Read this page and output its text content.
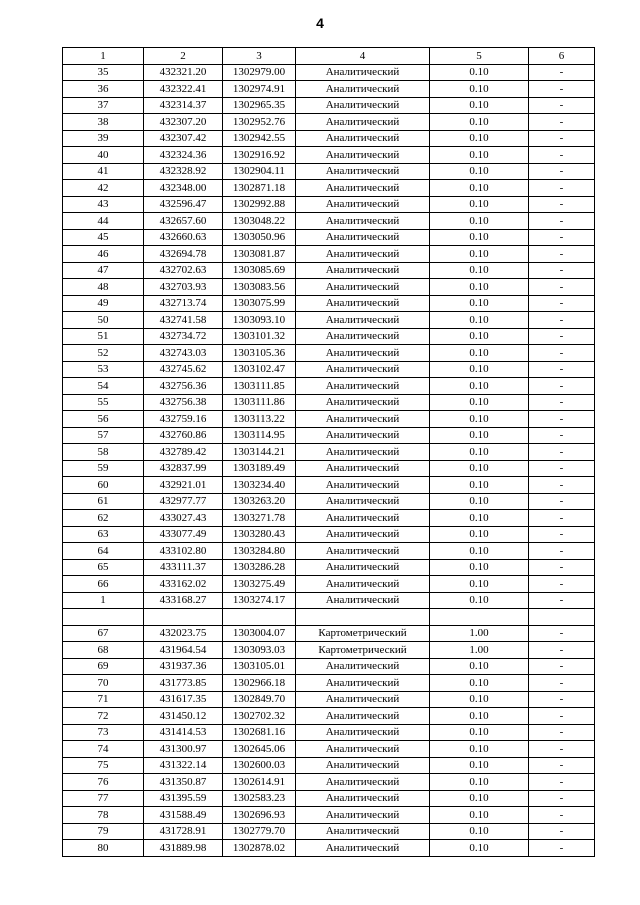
4
1	2	3	4	5	6
35	432321.20	1302979.00	Аналитический	0.10	-
36	432322.41	1302974.91	Аналитический	0.10	-
37	432314.37	1302965.35	Аналитический	0.10	-
38	432307.20	1302952.76	Аналитический	0.10	-
39	432307.42	1302942.55	Аналитический	0.10	-
40	432324.36	1302916.92	Аналитический	0.10	-
41	432328.92	1302904.11	Аналитический	0.10	-
42	432348.00	1302871.18	Аналитический	0.10	-
43	432596.47	1302992.88	Аналитический	0.10	-
44	432657.60	1303048.22	Аналитический	0.10	-
45	432660.63	1303050.96	Аналитический	0.10	-
46	432694.78	1303081.87	Аналитический	0.10	-
47	432702.63	1303085.69	Аналитический	0.10	-
48	432703.93	1303083.56	Аналитический	0.10	-
49	432713.74	1303075.99	Аналитический	0.10	-
50	432741.58	1303093.10	Аналитический	0.10	-
51	432734.72	1303101.32	Аналитический	0.10	-
52	432743.03	1303105.36	Аналитический	0.10	-
53	432745.62	1303102.47	Аналитический	0.10	-
54	432756.36	1303111.85	Аналитический	0.10	-
55	432756.38	1303111.86	Аналитический	0.10	-
56	432759.16	1303113.22	Аналитический	0.10	-
57	432760.86	1303114.95	Аналитический	0.10	-
58	432789.42	1303144.21	Аналитический	0.10	-
59	432837.99	1303189.49	Аналитический	0.10	-
60	432921.01	1303234.40	Аналитический	0.10	-
61	432977.77	1303263.20	Аналитический	0.10	-
62	433027.43	1303271.78	Аналитический	0.10	-
63	433077.49	1303280.43	Аналитический	0.10	-
64	433102.80	1303284.80	Аналитический	0.10	-
65	433111.37	1303286.28	Аналитический	0.10	-
66	433162.02	1303275.49	Аналитический	0.10	-
1	433168.27	1303274.17	Аналитический	0.10	-

67	432023.75	1303004.07	Картометрический	1.00	-
68	431964.54	1303093.03	Картометрический	1.00	-
69	431937.36	1303105.01	Аналитический	0.10	-
70	431773.85	1302966.18	Аналитический	0.10	-
71	431617.35	1302849.70	Аналитический	0.10	-
72	431450.12	1302702.32	Аналитический	0.10	-
73	431414.53	1302681.16	Аналитический	0.10	-
74	431300.97	1302645.06	Аналитический	0.10	-
75	431322.14	1302600.03	Аналитический	0.10	-
76	431350.87	1302614.91	Аналитический	0.10	-
77	431395.59	1302583.23	Аналитический	0.10	-
78	431588.49	1302696.93	Аналитический	0.10	-
79	431728.91	1302779.70	Аналитический	0.10	-
80	431889.98	1302878.02	Аналитический	0.10	-
